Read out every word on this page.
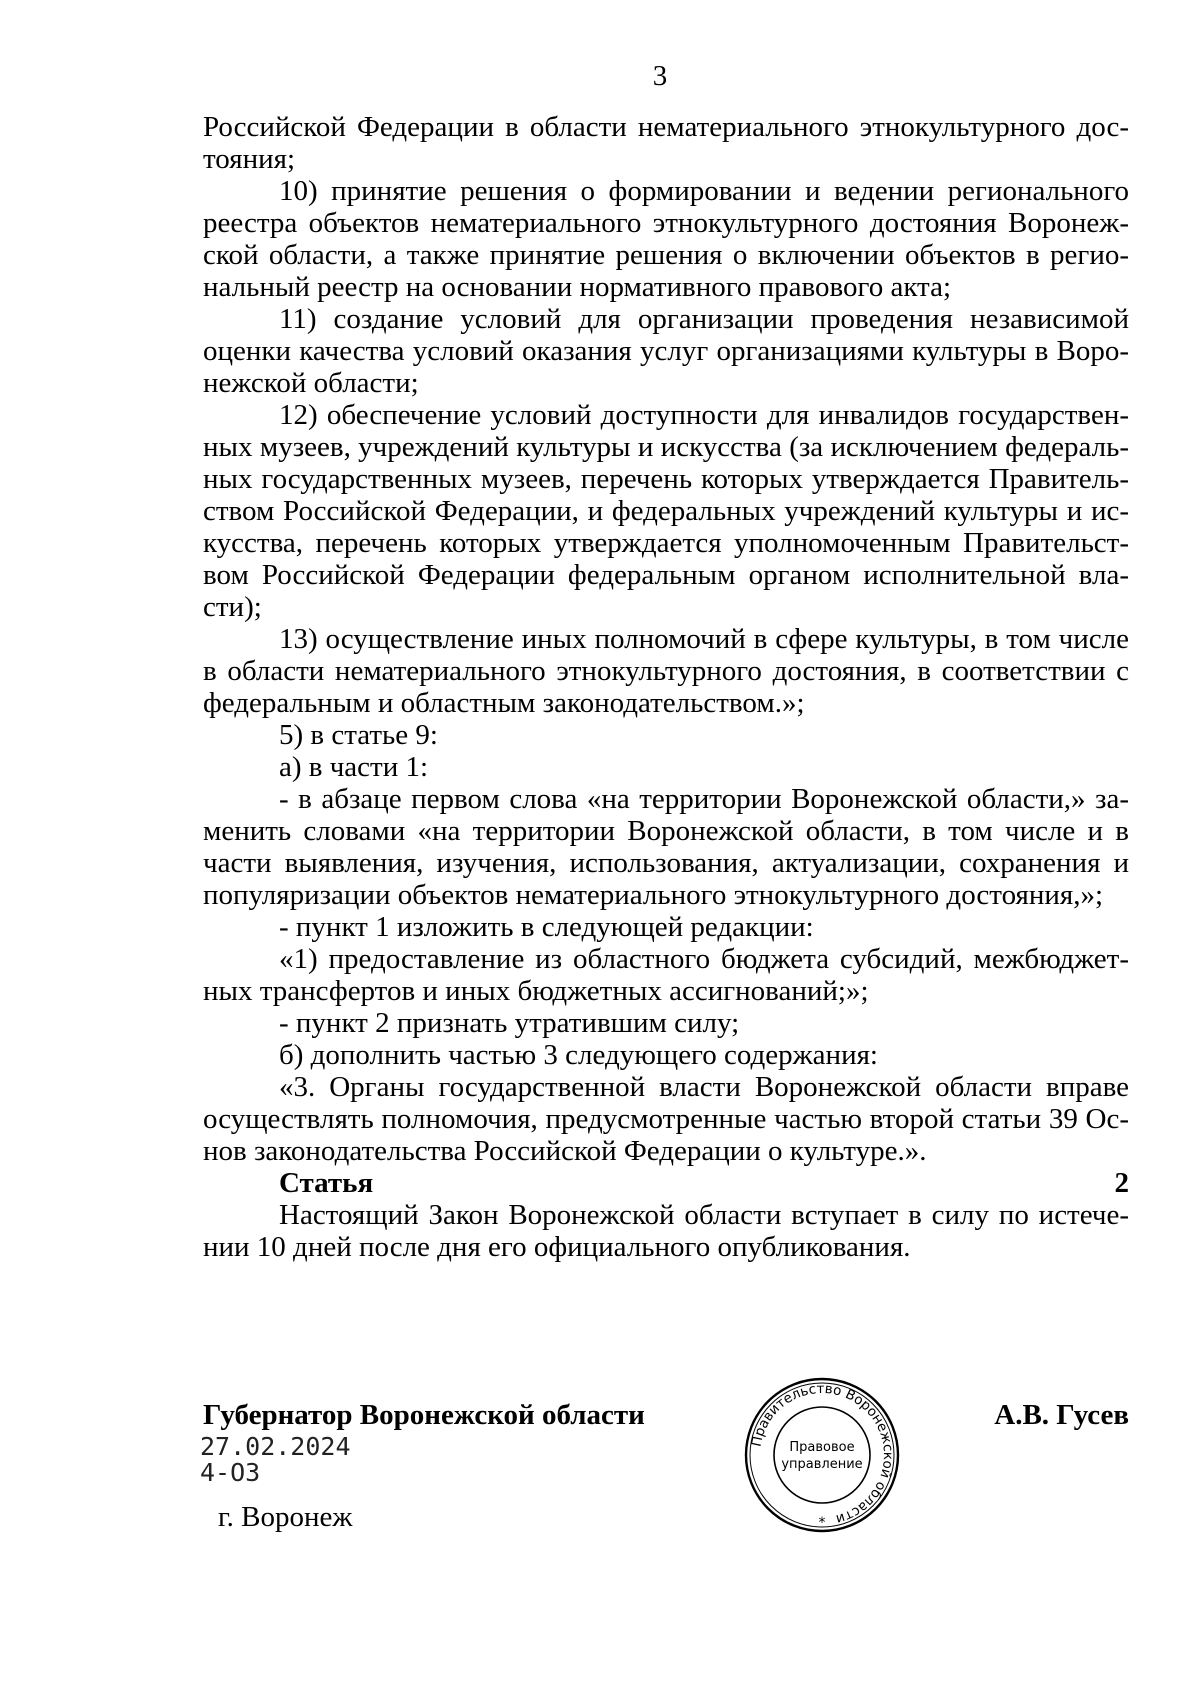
3

Российской Федерации в области нематериального этнокультурного дос-тояния;

10) принятие решения о формировании и ведении регионального реестра объектов нематериального этнокультурного достояния Воронеж-ской области, а также принятие решения о включении объектов в регио-нальный реестр на основании нормативного правового акта;

11) создание условий для организации проведения независимой оценки качества условий оказания услуг организациями культуры в Воро-нежской области;

12) обеспечение условий доступности для инвалидов государствен-ных музеев, учреждений культуры и искусства (за исключением федераль-ных государственных музеев, перечень которых утверждается Правитель-ством Российской Федерации, и федеральных учреждений культуры и ис-кусства, перечень которых утверждается уполномоченным Правительст-вом Российской Федерации федеральным органом исполнительной вла-сти);

13) осуществление иных полномочий в сфере культуры, в том числе в области нематериального этнокультурного достояния, в соответствии с федеральным и областным законодательством.»;

5) в статье 9:

а) в части 1:

- в абзаце первом слова «на территории Воронежской области,» за-менить словами «на территории Воронежской области, в том числе и в части выявления, изучения, использования, актуализации, сохранения и популяризации объектов нематериального этнокультурного достояния,»;

- пункт 1 изложить в следующей редакции:

«1) предоставление из областного бюджета субсидий, межбюджет-ных трансфертов и иных бюджетных ассигнований;»;

- пункт 2 признать утратившим силу;

б) дополнить частью 3 следующего содержания:

«3. Органы государственной власти Воронежской области вправе осуществлять полномочия, предусмотренные частью второй статьи 39 Ос-нов законодательства Российской Федерации о культуре.».

Статья 2

Настоящий Закон Воронежской области вступает в силу по истече-нии 10 дней после дня его официального опубликования.

Губернатор Воронежской области	А.В. Гусев
27.02.2024
4-ОЗ
г. Воронеж
Правительство Воронежской области
Правовое
управление
*
